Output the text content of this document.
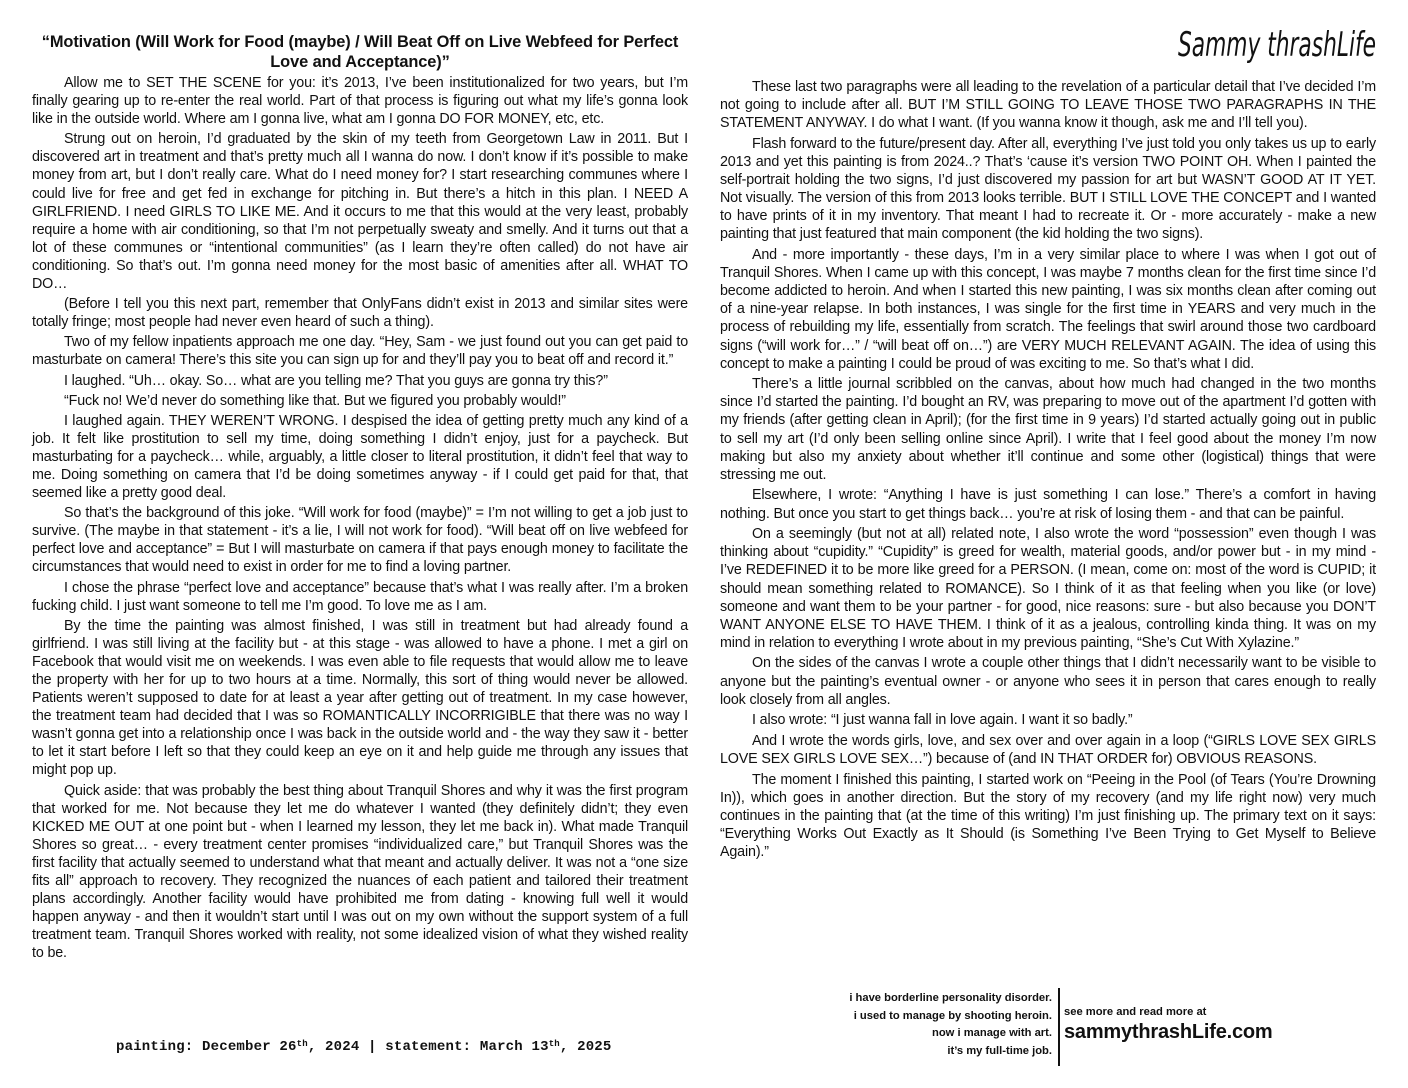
“Motivation (Will Work for Food (maybe) / Will Beat Off on Live Webfeed for Perfect Love and Acceptance)”

Allow me to SET THE SCENE for you: it’s 2013, I’ve been institutionalized for two years, but I’m finally gearing up to re-enter the real world. Part of that process is figuring out what my life’s gonna look like in the outside world. Where am I gonna live, what am I gonna DO FOR MONEY, etc, etc.

Strung out on heroin, I’d graduated by the skin of my teeth from Georgetown Law in 2011. But I discovered art in treatment and that’s pretty much all I wanna do now. I don’t know if it’s possible to make money from art, but I don’t really care. What do I need money for? I start researching communes where I could live for free and get fed in exchange for pitching in. But there’s a hitch in this plan. I NEED A GIRLFRIEND. I need GIRLS TO LIKE ME. And it occurs to me that this would at the very least, probably require a home with air conditioning, so that I’m not perpetually sweaty and smelly. And it turns out that a lot of these communes or “intentional communities” (as I learn they’re often called) do not have air conditioning. So that’s out. I’m gonna need money for the most basic of amenities after all. WHAT TO DO…

(Before I tell you this next part, remember that OnlyFans didn’t exist in 2013 and similar sites were totally fringe; most people had never even heard of such a thing).

Two of my fellow inpatients approach me one day. “Hey, Sam - we just found out you can get paid to masturbate on camera! There’s this site you can sign up for and they’ll pay you to beat off and record it.”

I laughed. “Uh… okay. So… what are you telling me? That you guys are gonna try this?”

“Fuck no! We’d never do something like that. But we figured you probably would!”

I laughed again. THEY WEREN’T WRONG. I despised the idea of getting pretty much any kind of a job. It felt like prostitution to sell my time, doing something I didn’t enjoy, just for a paycheck. But masturbating for a paycheck… while, arguably, a little closer to literal prostitution, it didn’t feel that way to me. Doing something on camera that I’d be doing sometimes anyway - if I could get paid for that, that seemed like a pretty good deal.

So that’s the background of this joke. “Will work for food (maybe)” = I’m not willing to get a job just to survive. (The maybe in that statement - it’s a lie, I will not work for food). “Will beat off on live webfeed for perfect love and acceptance” = But I will masturbate on camera if that pays enough money to facilitate the circumstances that would need to exist in order for me to find a loving partner.

I chose the phrase “perfect love and acceptance” because that’s what I was really after. I’m a broken fucking child. I just want someone to tell me I’m good. To love me as I am.

By the time the painting was almost finished, I was still in treatment but had already found a girlfriend. I was still living at the facility but - at this stage - was allowed to have a phone. I met a girl on Facebook that would visit me on weekends. I was even able to file requests that would allow me to leave the property with her for up to two hours at a time. Normally, this sort of thing would never be allowed. Patients weren’t supposed to date for at least a year after getting out of treatment. In my case however, the treatment team had decided that I was so ROMANTICALLY INCORRIGIBLE that there was no way I wasn’t gonna get into a relationship once I was back in the outside world and - the way they saw it - better to let it start before I left so that they could keep an eye on it and help guide me through any issues that might pop up.

Quick aside: that was probably the best thing about Tranquil Shores and why it was the first program that worked for me. Not because they let me do whatever I wanted (they definitely didn’t; they even KICKED ME OUT at one point but - when I learned my lesson, they let me back in). What made Tranquil Shores so great… - every treatment center promises “individualized care,” but Tranquil Shores was the first facility that actually seemed to understand what that meant and actually deliver. It was not a “one size fits all” approach to recovery. They recognized the nuances of each patient and tailored their treatment plans accordingly. Another facility would have prohibited me from dating - knowing full well it would happen anyway - and then it wouldn’t start until I was out on my own without the support system of a full treatment team. Tranquil Shores worked with reality, not some idealized vision of what they wished reality to be.

These last two paragraphs were all leading to the revelation of a particular detail that I’ve decided I’m not going to include after all. BUT I’M STILL GOING TO LEAVE THOSE TWO PARAGRAPHS IN THE STATEMENT ANYWAY. I do what I want. (If you wanna know it though, ask me and I’ll tell you).

Flash forward to the future/present day. After all, everything I’ve just told you only takes us up to early 2013 and yet this painting is from 2024..? That’s ‘cause it’s version TWO POINT OH. When I painted the self-portrait holding the two signs, I’d just discovered my passion for art but WASN’T GOOD AT IT YET. Not visually. The version of this from 2013 looks terrible. BUT I STILL LOVE THE CONCEPT and I wanted to have prints of it in my inventory. That meant I had to recreate it. Or - more accurately - make a new painting that just featured that main component (the kid holding the two signs).

And - more importantly - these days, I’m in a very similar place to where I was when I got out of Tranquil Shores. When I came up with this concept, I was maybe 7 months clean for the first time since I’d become addicted to heroin. And when I started this new painting, I was six months clean after coming out of a nine-year relapse. In both instances, I was single for the first time in YEARS and very much in the process of rebuilding my life, essentially from scratch. The feelings that swirl around those two cardboard signs (“will work for…” / “will beat off on…”) are VERY MUCH RELEVANT AGAIN. The idea of using this concept to make a painting I could be proud of was exciting to me. So that’s what I did.

There’s a little journal scribbled on the canvas, about how much had changed in the two months since I’d started the painting. I’d bought an RV, was preparing to move out of the apartment I’d gotten with my friends (after getting clean in April); (for the first time in 9 years) I’d started actually going out in public to sell my art (I’d only been selling online since April). I write that I feel good about the money I’m now making but also my anxiety about whether it’ll continue and some other (logistical) things that were stressing me out.

Elsewhere, I wrote: “Anything I have is just something I can lose.” There’s a comfort in having nothing. But once you start to get things back… you’re at risk of losing them - and that can be painful.

On a seemingly (but not at all) related note, I also wrote the word “possession” even though I was thinking about “cupidity.” “Cupidity” is greed for wealth, material goods, and/or power but - in my mind - I’ve REDEFINED it to be more like greed for a PERSON. (I mean, come on: most of the word is CUPID; it should mean something related to ROMANCE). So I think of it as that feeling when you like (or love) someone and want them to be your partner - for good, nice reasons: sure - but also because you DON’T WANT ANYONE ELSE TO HAVE THEM. I think of it as a jealous, controlling kinda thing. It was on my mind in relation to everything I wrote about in my previous painting, “She’s Cut With Xylazine.”

On the sides of the canvas I wrote a couple other things that I didn’t necessarily want to be visible to anyone but the painting’s eventual owner - or anyone who sees it in person that cares enough to really look closely from all angles.

I also wrote: “I just wanna fall in love again. I want it so badly.”

And I wrote the words girls, love, and sex over and over again in a loop (“GIRLS LOVE SEX GIRLS LOVE SEX GIRLS LOVE SEX…”) because of (and IN THAT ORDER for) OBVIOUS REASONS.

The moment I finished this painting, I started work on “Peeing in the Pool (of Tears (You’re Drowning In)), which goes in another direction. But the story of my recovery (and my life right now) very much continues in the painting that (at the time of this writing) I’m just finishing up. The primary text on it says: “Everything Works Out Exactly as It Should (is Something I’ve Been Trying to Get Myself to Believe Again).”

Sammy thrashLife
painting: December 26th, 2024 | statement: March 13th, 2025
i have borderline personality disorder.
i used to manage by shooting heroin.
now i manage with art.
it’s my full-time job.
see more and read more at
sammythrashLife.com
